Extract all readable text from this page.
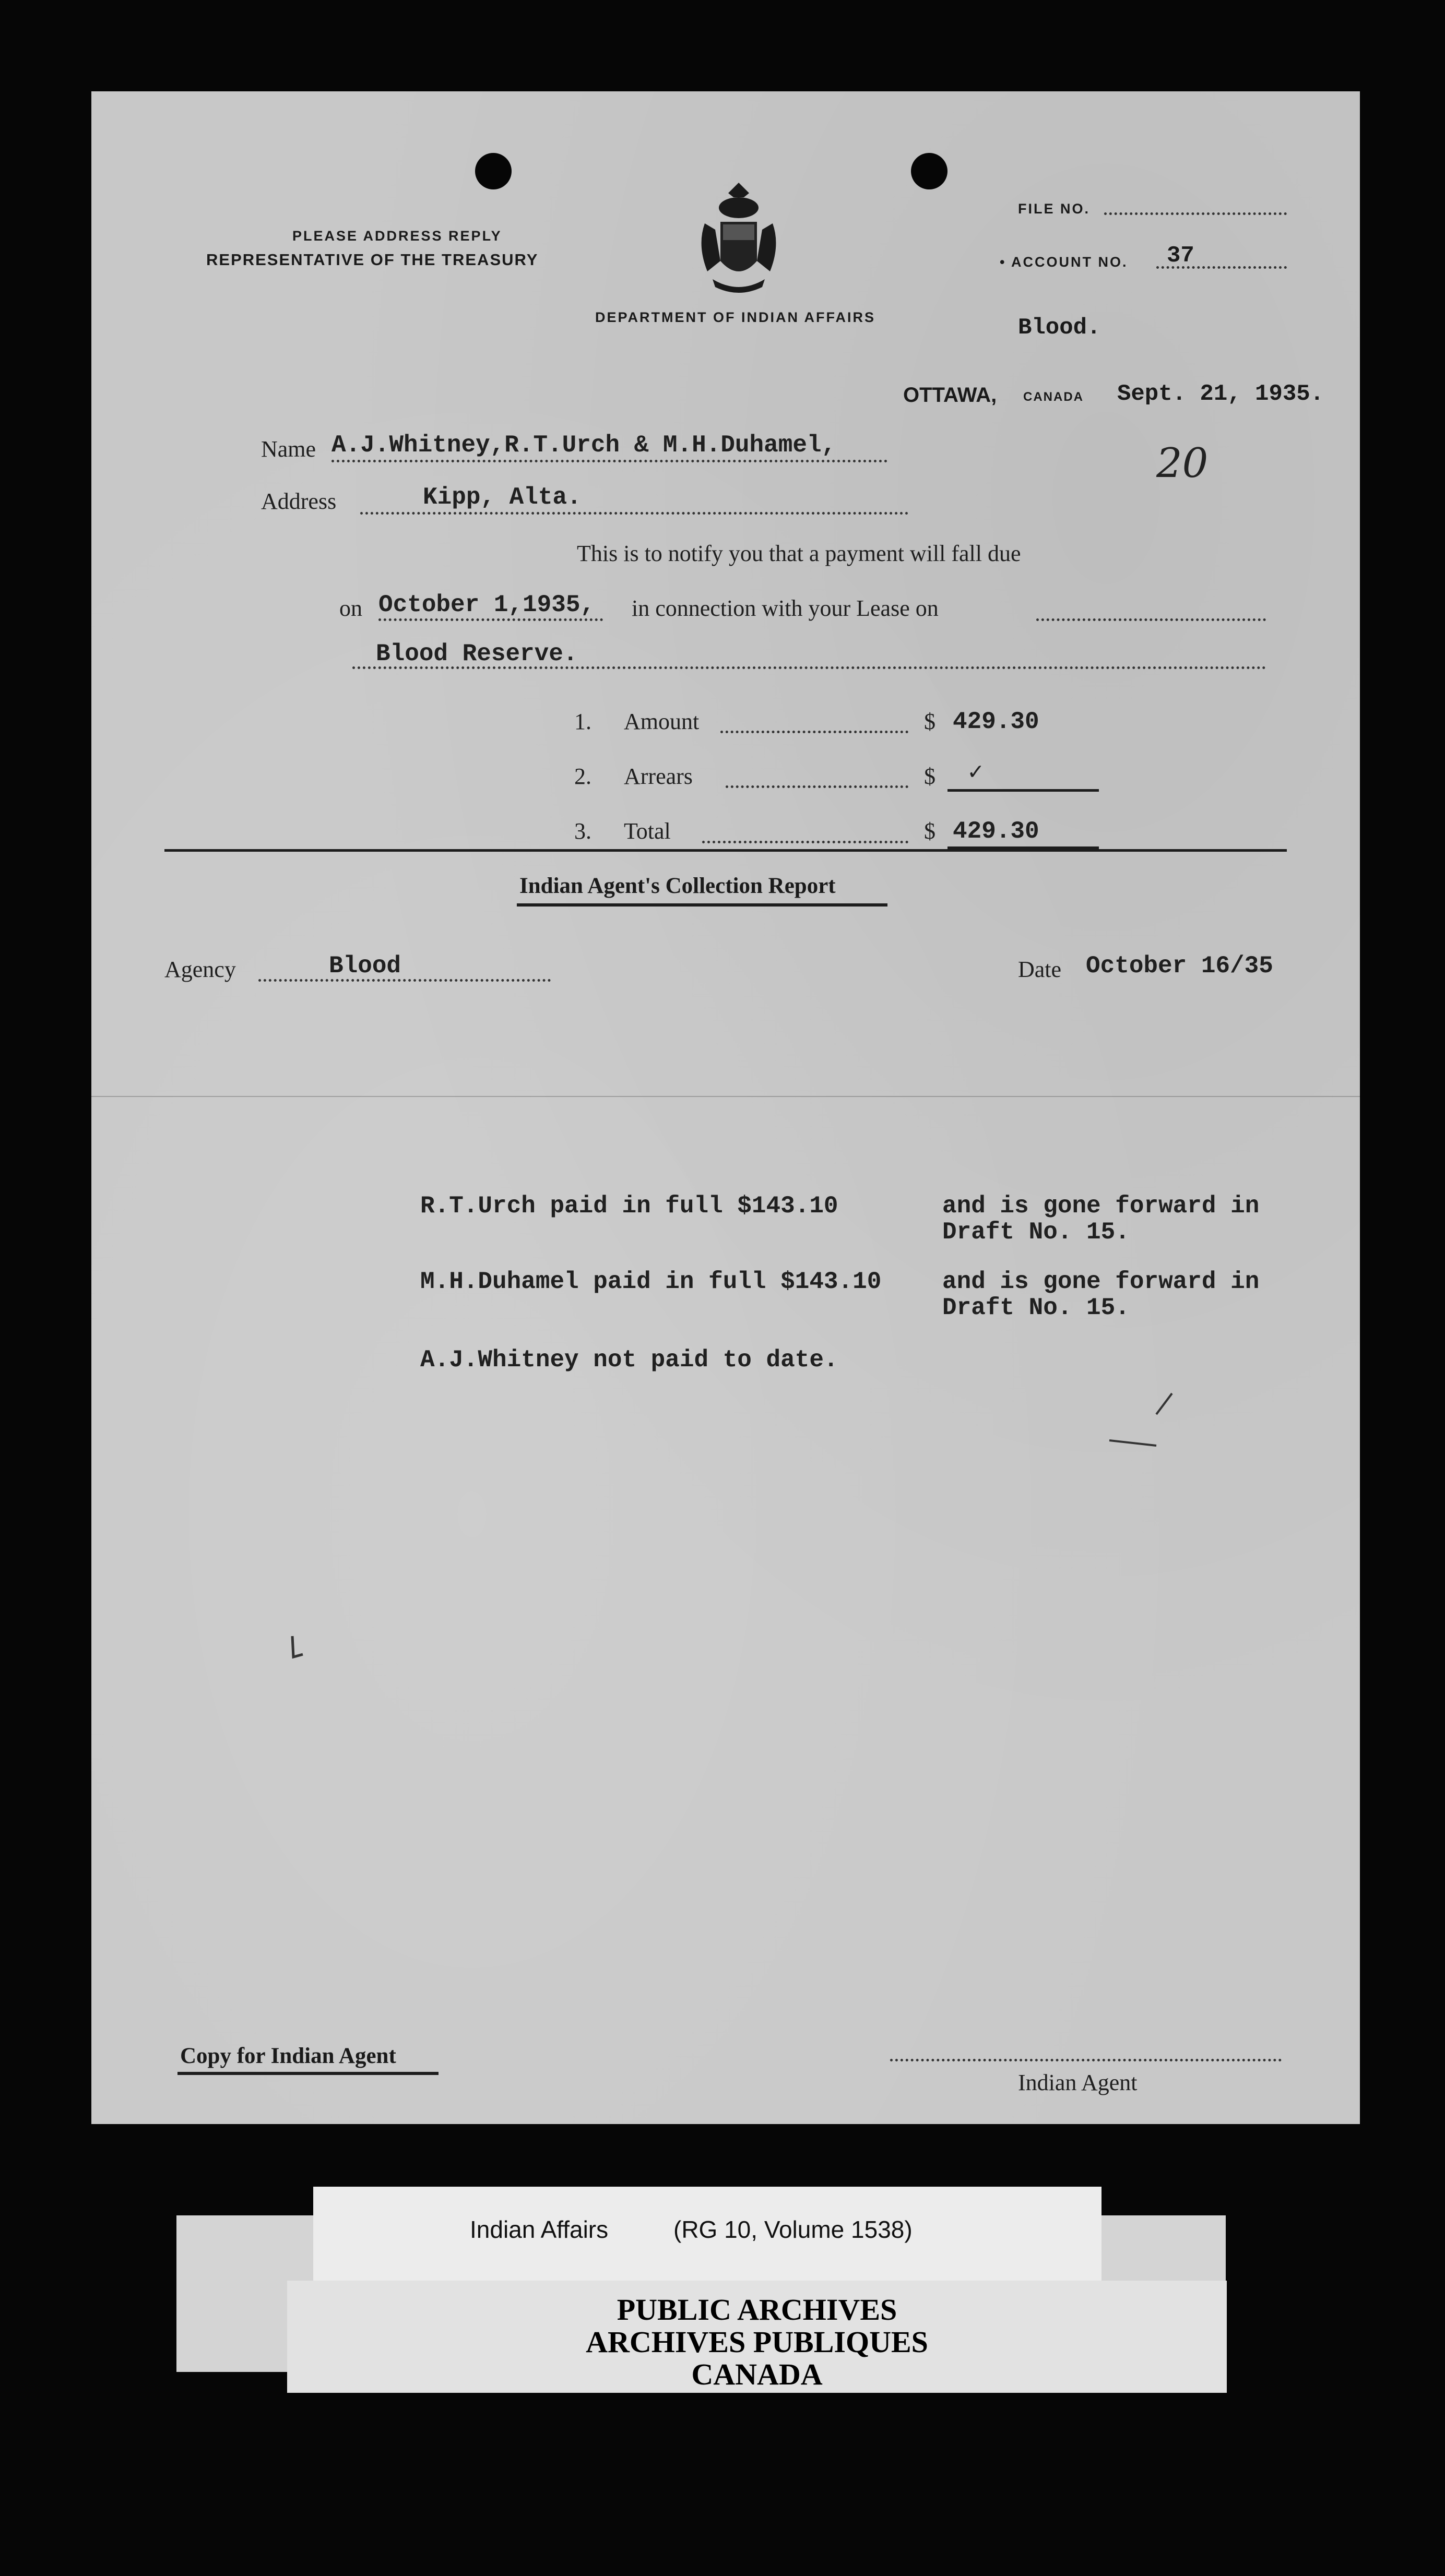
PLEASE ADDRESS REPLY
REPRESENTATIVE OF THE TREASURY
DEPARTMENT OF INDIAN AFFAIRS
FILE NO.
• ACCOUNT NO. 37
Blood.
OTTAWA, CANADA Sept. 21, 1935.
Name A.J.Whitney,R.T.Urch & M.H.Duhamel,
Address	Kipp, Alta.
20
This is to notify you that a payment will fall due
on October 1,1935, in connection with your Lease on
Blood Reserve.
1. Amount	$ 429.30
2. Arrears	$ ✓
3. Total	$ 429.30
Indian Agent's Collection Report
Agency	Blood	Date October 16/35
R.T.Urch paid in full $143.10	and is gone forward in
Draft No. 15.
M.H.Duhamel paid in full $143.10	and is gone forward in
Draft No. 15.
A.J.Whitney not paid to date.
Copy for Indian Agent
Indian Agent
Indian Affairs	(RG 10, Volume 1538)
PUBLIC ARCHIVES
ARCHIVES PUBLIQUES
CANADA
